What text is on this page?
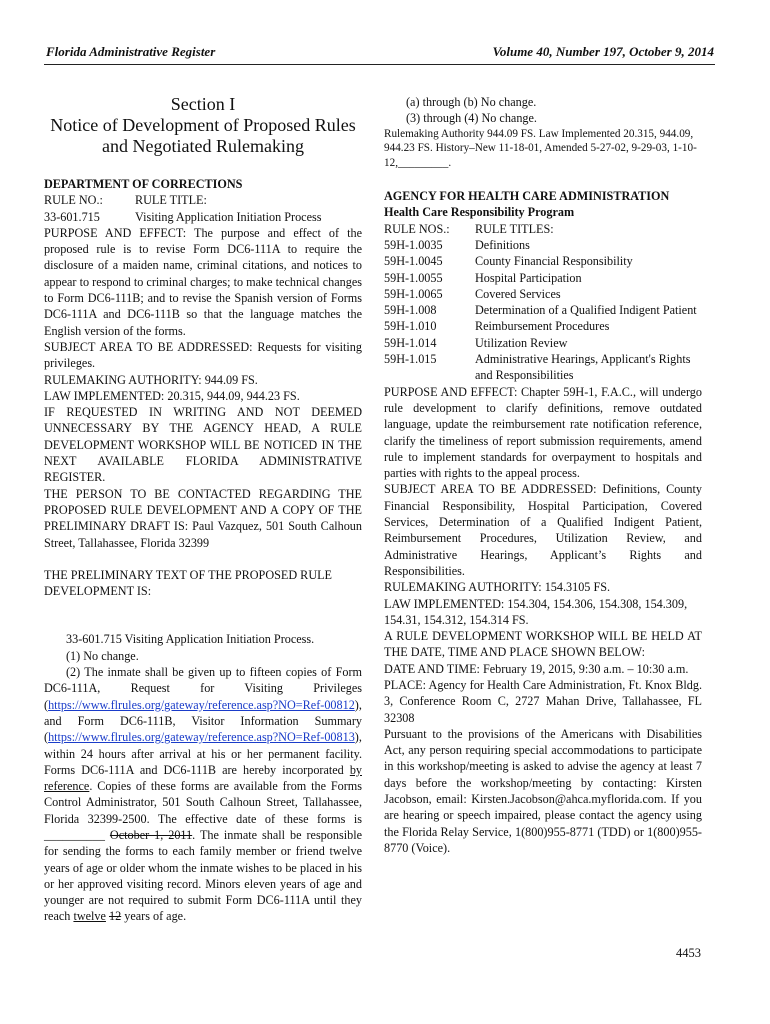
Florida Administrative Register	Volume 40, Number 197, October 9, 2014
Section I
Notice of Development of Proposed Rules
and Negotiated Rulemaking

DEPARTMENT OF CORRECTIONS

RULE NO.:	RULE TITLE:
33-601.715	Visiting Application Initiation Process

PURPOSE AND EFFECT: The purpose and effect of the proposed rule is to revise Form DC6-111A to require the disclosure of a maiden name, criminal citations, and notices to appear to respond to criminal charges; to make technical changes to Form DC6-111B; and to revise the Spanish version of Forms DC6-111A and DC6-111B so that the language matches the English version of the forms.

SUBJECT AREA TO BE ADDRESSED: Requests for visiting privileges.

RULEMAKING AUTHORITY: 944.09 FS.

LAW IMPLEMENTED: 20.315, 944.09, 944.23 FS.

IF REQUESTED IN WRITING AND NOT DEEMED UNNECESSARY BY THE AGENCY HEAD, A RULE DEVELOPMENT WORKSHOP WILL BE NOTICED IN THE NEXT AVAILABLE FLORIDA ADMINISTRATIVE REGISTER.

THE PERSON TO BE CONTACTED REGARDING THE PROPOSED RULE DEVELOPMENT AND A COPY OF THE PRELIMINARY DRAFT IS: Paul Vazquez, 501 South Calhoun Street, Tallahassee, Florida 32399

THE PRELIMINARY TEXT OF THE PROPOSED RULE DEVELOPMENT IS:

33-601.715 Visiting Application Initiation Process.

(1) No change.

(2) The inmate shall be given up to fifteen copies of Form DC6-111A, Request for Visiting Privileges (https://www.flrules.org/gateway/reference.asp?NO=Ref-00812), and Form DC6-111B, Visitor Information Summary (https://www.flrules.org/gateway/reference.asp?NO=Ref-00813), within 24 hours after arrival at his or her permanent facility. Forms DC6-111A and DC6-111B are hereby incorporated by reference. Copies of these forms are available from the Forms Control Administrator, 501 South Calhoun Street, Tallahassee, Florida 32399-2500. The effective date of these forms is __________ October 1, 2011. The inmate shall be responsible for sending the forms to each family member or friend twelve years of age or older whom the inmate wishes to be placed in his or her approved visiting record. Minors eleven years of age and younger are not required to submit Form DC6-111A until they reach twelve 12 years of age.

(a) through (b) No change.

(3) through (4) No change.

Rulemaking Authority 944.09 FS. Law Implemented 20.315, 944.09, 944.23 FS. History–New 11-18-01, Amended 5-27-02, 9-29-03, 1-10-12,_________.

AGENCY FOR HEALTH CARE ADMINISTRATION

Health Care Responsibility Program

RULE NOS.:	RULE TITLES:
59H-1.0035	Definitions
59H-1.0045	County Financial Responsibility
59H-1.0055	Hospital Participation
59H-1.0065	Covered Services
59H-1.008	Determination of a Qualified Indigent Patient
59H-1.010	Reimbursement Procedures
59H-1.014	Utilization Review
59H-1.015	Administrative Hearings, Applicant's Rights and Responsibilities

PURPOSE AND EFFECT: Chapter 59H-1, F.A.C., will undergo rule development to clarify definitions, remove outdated language, update the reimbursement rate notification reference, clarify the timeliness of report submission requirements, amend rule to implement standards for overpayment to hospitals and parties with rights to the appeal process.

SUBJECT AREA TO BE ADDRESSED: Definitions, County Financial Responsibility, Hospital Participation, Covered Services, Determination of a Qualified Indigent Patient, Reimbursement Procedures, Utilization Review, and Administrative Hearings, Applicant’s Rights and Responsibilities.

RULEMAKING AUTHORITY: 154.3105 FS.

LAW IMPLEMENTED: 154.304, 154.306, 154.308, 154.309, 154.31, 154.312, 154.314 FS.

A RULE DEVELOPMENT WORKSHOP WILL BE HELD AT THE DATE, TIME AND PLACE SHOWN BELOW:

DATE AND TIME: February 19, 2015, 9:30 a.m. – 10:30 a.m.

PLACE: Agency for Health Care Administration, Ft. Knox Bldg. 3, Conference Room C, 2727 Mahan Drive, Tallahassee, FL 32308

Pursuant to the provisions of the Americans with Disabilities Act, any person requiring special accommodations to participate in this workshop/meeting is asked to advise the agency at least 7 days before the workshop/meeting by contacting: Kirsten Jacobson, email: Kirsten.Jacobson@ahca.myflorida.com. If you are hearing or speech impaired, please contact the agency using the Florida Relay Service, 1(800)955-8771 (TDD) or 1(800)955-8770 (Voice).

4453
